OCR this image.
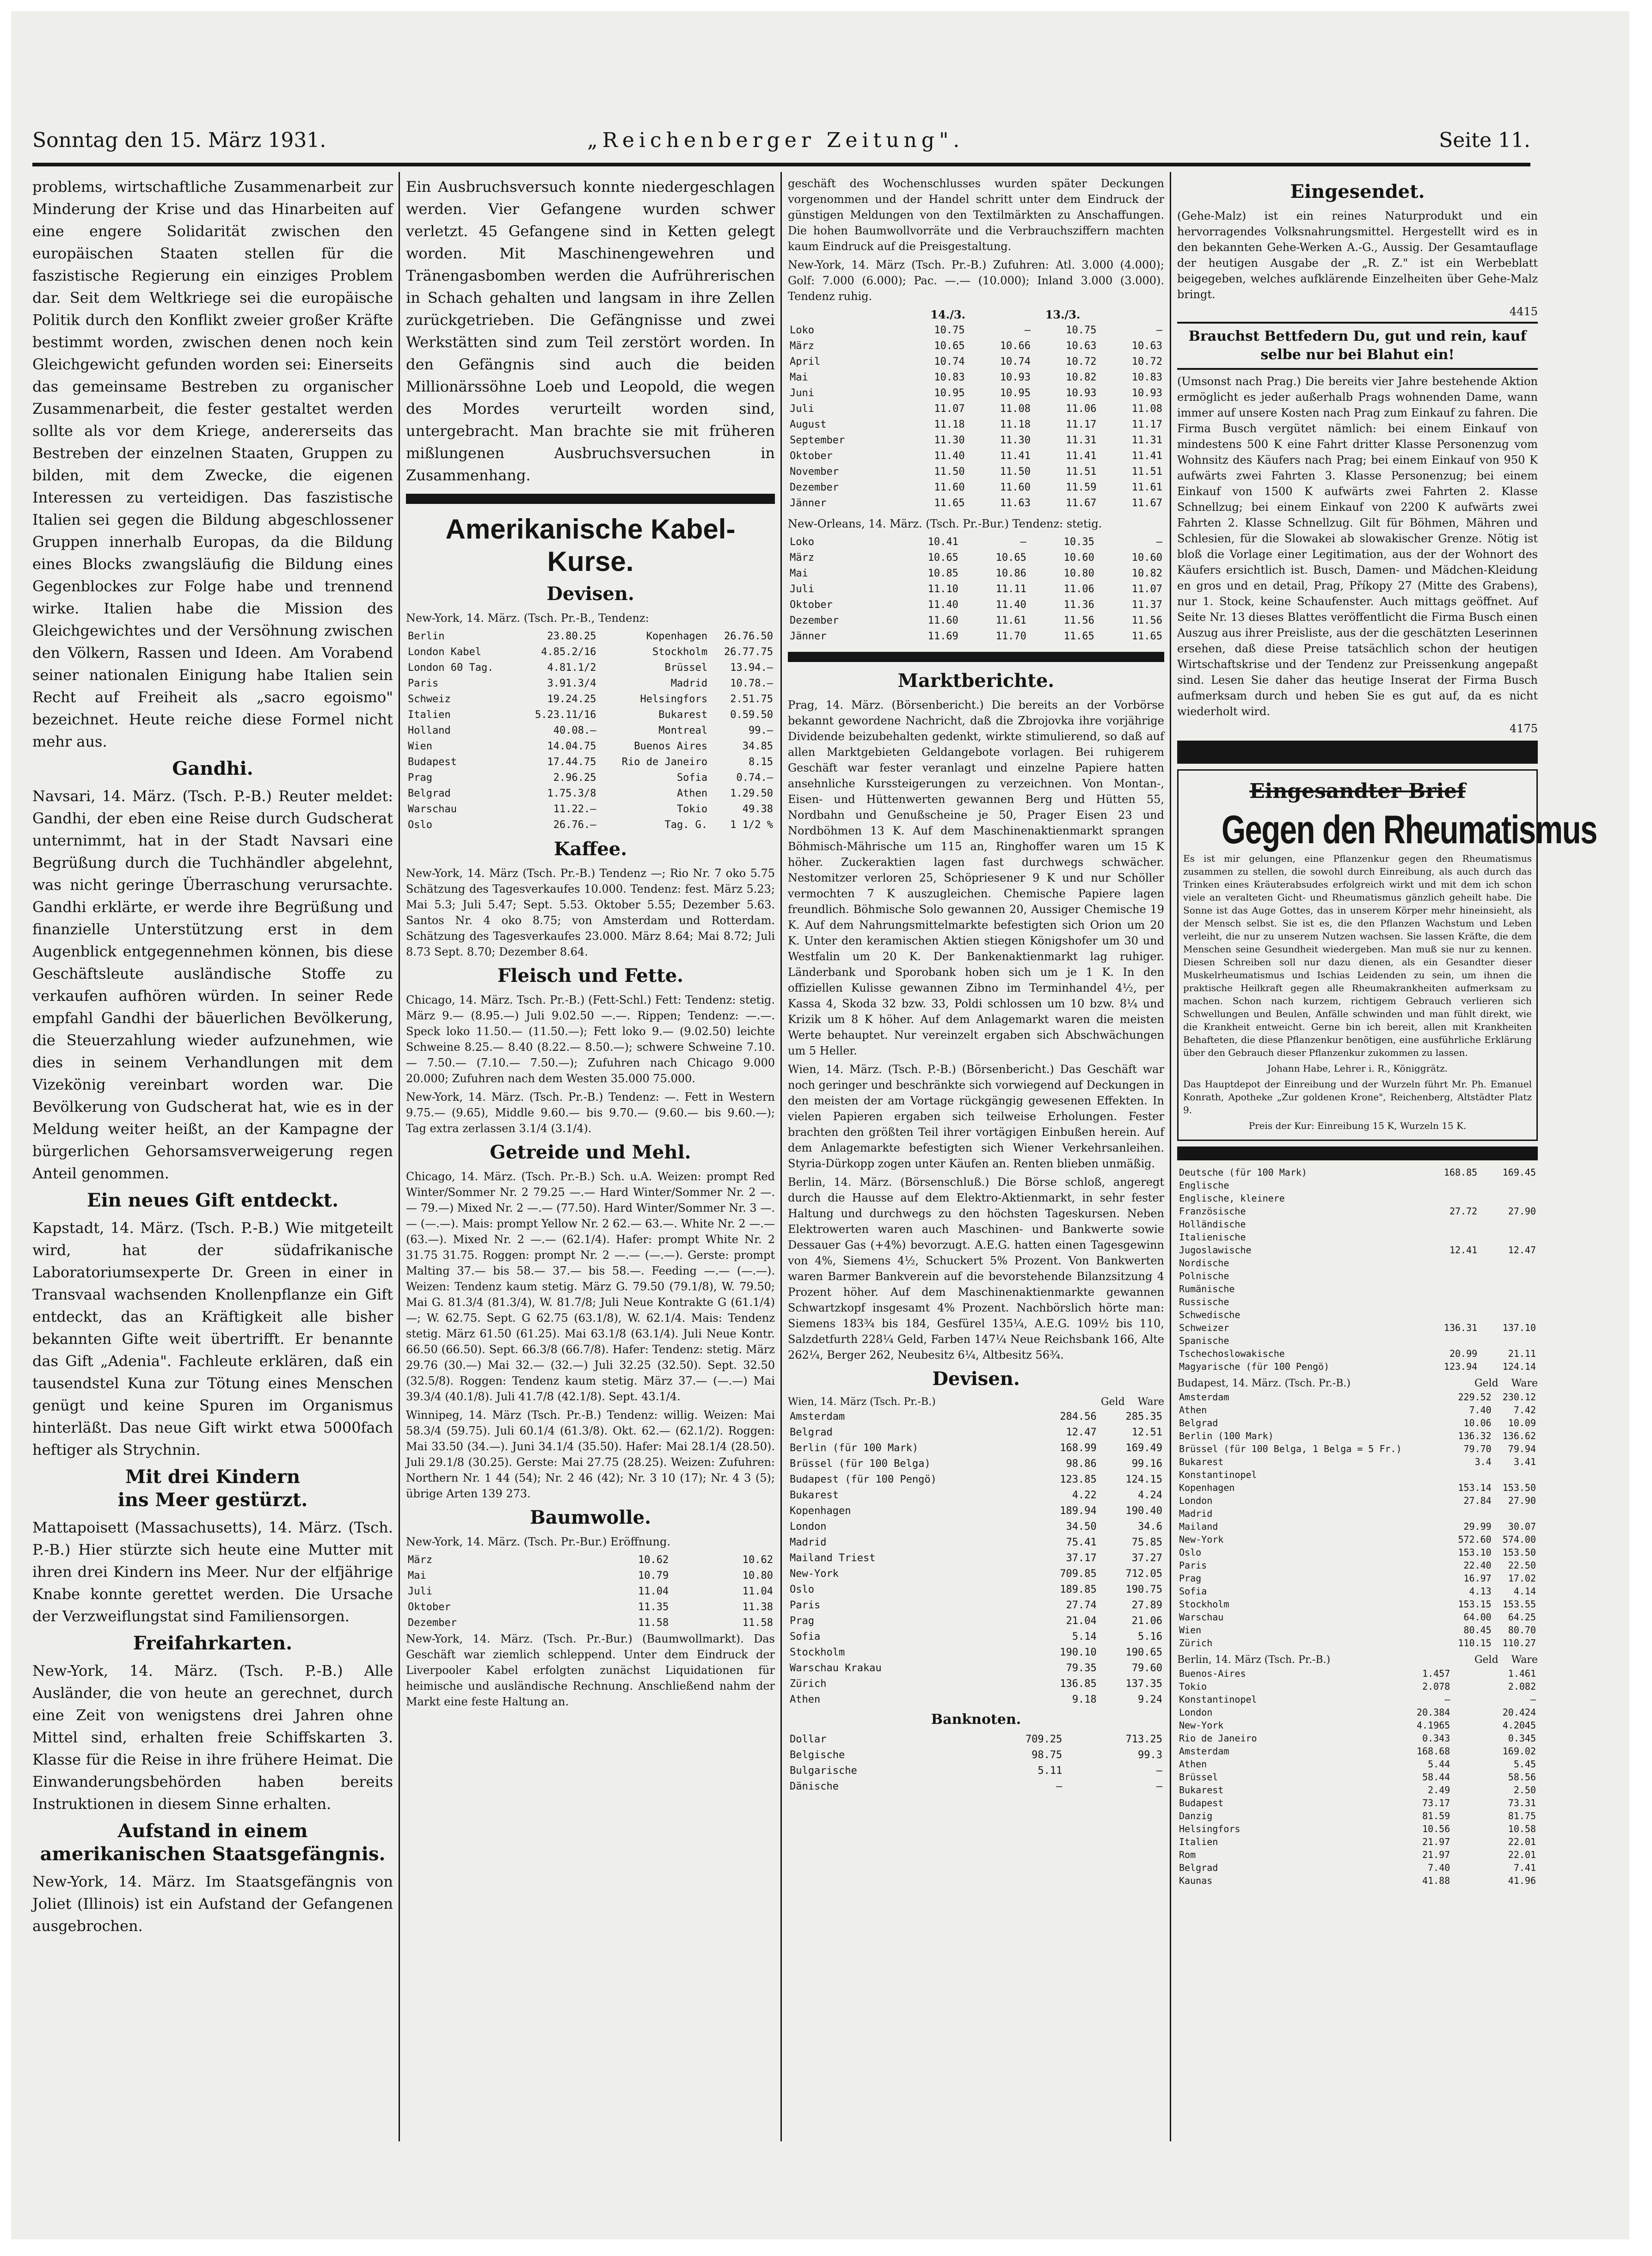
Sonntag den 15. März 1931.	„Reichenberger Zeitung".	Seite 11.

problems, wirtschaftliche Zusammenarbeit zur Minderung der Krise und das Hinarbeiten auf eine engere Solidarität zwischen den europäischen Staaten stellen für die faszistische Regierung ein einziges Problem dar. Seit dem Weltkriege sei die europäische Politik durch den Konflikt zweier großer Kräfte bestimmt worden, zwischen denen noch kein Gleichgewicht gefunden worden sei: Einerseits das gemeinsame Bestreben zu organischer Zusammenarbeit, die fester gestaltet werden sollte als vor dem Kriege, andererseits das Bestreben der einzelnen Staaten, Gruppen zu bilden, mit dem Zwecke, die eigenen Interessen zu verteidigen. Das faszistische Italien sei gegen die Bildung abgeschlossener Gruppen innerhalb Europas, da die Bildung eines Blocks zwangsläufig die Bildung eines Gegenblockes zur Folge habe und trennend wirke. Italien habe die Mission des Gleichgewichtes und der Versöhnung zwischen den Völkern, Rassen und Ideen. Am Vorabend seiner nationalen Einigung habe Italien sein Recht auf Freiheit als „sacro egoismo" bezeichnet. Heute reiche diese Formel nicht mehr aus.

Gandhi.

Navsari, 14. März. (Tsch. P.-B.) Reuter meldet: Gandhi, der eben eine Reise durch Gudscherat unternimmt, hat in der Stadt Navsari eine Begrüßung durch die Tuchhändler abgelehnt, was nicht geringe Überraschung verursachte. Gandhi erklärte, er werde ihre Begrüßung und finanzielle Unterstützung erst in dem Augenblick entgegennehmen können, bis diese Geschäftsleute ausländische Stoffe zu verkaufen aufhören würden. In seiner Rede empfahl Gandhi der bäuerlichen Bevölkerung, die Steuerzahlung wieder aufzunehmen, wie dies in seinem Verhandlungen mit dem Vizekönig vereinbart worden war. Die Bevölkerung von Gudscherat hat, wie es in der Meldung weiter heißt, an der Kampagne der bürgerlichen Gehorsamsverweigerung regen Anteil genommen.

Ein neues Gift entdeckt.

Kapstadt, 14. März. (Tsch. P.-B.) Wie mitgeteilt wird, hat der südafrikanische Laboratoriumsexperte Dr. Green in einer in Transvaal wachsenden Knollenpflanze ein Gift entdeckt, das an Kräftigkeit alle bisher bekannten Gifte weit übertrifft. Er benannte das Gift „Adenia". Fachleute erklären, daß ein tausendstel Kuna zur Tötung eines Menschen genügt und keine Spuren im Organismus hinterläßt. Das neue Gift wirkt etwa 5000fach heftiger als Strychnin.

Mit drei Kindern
ins Meer gestürzt.

Mattapoisett (Massachusetts), 14. März. (Tsch. P.-B.) Hier stürzte sich heute eine Mutter mit ihren drei Kindern ins Meer. Nur der elfjährige Knabe konnte gerettet werden. Die Ursache der Verzweiflungstat sind Familiensorgen.

Freifahrkarten.

New-York, 14. März. (Tsch. P.-B.) Alle Ausländer, die von heute an gerechnet, durch eine Zeit von wenigstens drei Jahren ohne Mittel sind, erhalten freie Schiffskarten 3. Klasse für die Reise in ihre frühere Heimat. Die Einwanderungsbehörden haben bereits Instruktionen in diesem Sinne erhalten.

Aufstand in einem amerikanischen Staatsgefängnis.

New-York, 14. März. Im Staatsgefängnis von Joliet (Illinois) ist ein Aufstand der Gefangenen ausgebrochen.

Ein Ausbruchsversuch konnte niedergeschlagen werden. Vier Gefangene wurden schwer verletzt. 45 Gefangene sind in Ketten gelegt worden. Mit Maschinengewehren und Tränengasbomben werden die Aufrührerischen in Schach gehalten und langsam in ihre Zellen zurückgetrieben. Die Gefängnisse und zwei Werkstätten sind zum Teil zerstört worden. In den Gefängnis sind auch die beiden Millionärssöhne Loeb und Leopold, die wegen des Mordes verurteilt worden sind, untergebracht. Man brachte sie mit früheren mißlungenen Ausbruchsversuchen in Zusammenhang.

Amerikanische Kabel-Kurse.
Devisen.
New-York, 14. März. (Tsch. Pr.-B., Tendenz:
Berlin	23.80.25	Kopenhagen	26.76.50
London Kabel	4.85.2/16	Stockholm	26.77.75
London 60 Tag.	4.81.1/2	Brüssel	13.94.—
Paris	3.91.3/4	Madrid	10.78.—
Schweiz	19.24.25	Helsingfors	2.51.75
Italien	5.23.11/16	Bukarest	0.59.50
Holland	40.08.—	Montreal	99.—
Wien	14.04.75	Buenos Aires	34.85
Budapest	17.44.75	Rio de Janeiro	8.15
Prag	2.96.25	Sofia	0.74.—
Belgrad	1.75.3/8	Athen	1.29.50
Warschau	11.22.—	Tokio	49.38
Oslo	26.76.—	Tag. G.	1 1/2 %
Kaffee.

New-York, 14. März (Tsch. Pr.-B.) Tendenz —; Rio Nr. 7 oko 5.75 Schätzung des Tagesverkaufes 10.000. Tendenz: fest. März 5.23; Mai 5.3; Juli 5.47; Sept. 5.53. Oktober 5.55; Dezember 5.63. Santos Nr. 4 oko 8.75; von Amsterdam und Rotterdam. Schätzung des Tagesverkaufes 23.000. März 8.64; Mai 8.72; Juli 8.73 Sept. 8.70; Dezember 8.64.

Fleisch und Fette.

Chicago, 14. März. Tsch. Pr.-B.) (Fett-Schl.) Fett: Tendenz: stetig. März 9.— (8.95.—) Juli 9.02.50 —.—. Rippen; Tendenz: —.—. Speck loko 11.50.— (11.50.—); Fett loko 9.— (9.02.50) leichte Schweine 8.25.— 8.40 (8.22.— 8.50.—); schwere Schweine 7.10.— 7.50.— (7.10.— 7.50.—); Zufuhren nach Chicago 9.000 20.000; Zufuhren nach dem Westen 35.000 75.000.

New-York, 14. März. (Tsch. Pr.-B.) Tendenz: —. Fett in Western 9.75.— (9.65), Middle 9.60.— bis 9.70.— (9.60.— bis 9.60.—); Tag extra zerlassen 3.1/4 (3.1/4).

Getreide und Mehl.

Chicago, 14. März. (Tsch. Pr.-B.) Sch. u.A. Weizen: prompt Red Winter/Sommer Nr. 2 79.25 —.— Hard Winter/Sommer Nr. 2 —.— 79.—) Mixed Nr. 2 —.— (77.50). Hard Winter/Sommer Nr. 3 —.— (—.—). Mais: prompt Yellow Nr. 2 62.— 63.—. White Nr. 2 —.— (63.—). Mixed Nr. 2 —.— (62.1/4). Hafer: prompt White Nr. 2 31.75 31.75. Roggen: prompt Nr. 2 —.— (—.—). Gerste: prompt Malting 37.— bis 58.— 37.— bis 58.—. Feeding —.— (—.—). Weizen: Tendenz kaum stetig. März G. 79.50 (79.1/8), W. 79.50; Mai G. 81.3/4 (81.3/4), W. 81.7/8; Juli Neue Kontrakte G (61.1/4) —; W. 62.75. Sept. G 62.75 (63.1/8), W. 62.1/4. Mais: Tendenz stetig. März 61.50 (61.25). Mai 63.1/8 (63.1/4). Juli Neue Kontr. 66.50 (66.50). Sept. 66.3/8 (66.7/8). Hafer: Tendenz: stetig. März 29.76 (30.—) Mai 32.— (32.—) Juli 32.25 (32.50). Sept. 32.50 (32.5/8). Roggen: Tendenz kaum stetig. März 37.— (—.—) Mai 39.3/4 (40.1/8). Juli 41.7/8 (42.1/8). Sept. 43.1/4.

Winnipeg, 14. März (Tsch. Pr.-B.) Tendenz: willig. Weizen: Mai 58.3/4 (59.75). Juli 60.1/4 (61.3/8). Okt. 62.— (62.1/2). Roggen: Mai 33.50 (34.—). Juni 34.1/4 (35.50). Hafer: Mai 28.1/4 (28.50). Juli 29.1/8 (30.25). Gerste: Mai 27.75 (28.25). Weizen: Zufuhren: Northern Nr. 1 44 (54); Nr. 2 46 (42); Nr. 3 10 (17); Nr. 4 3 (5); übrige Arten 139 273.

Baumwolle.
New-York, 14. März. (Tsch. Pr.-Bur.) Eröffnung.
März	10.62	10.62
Mai	10.79	10.80
Juli	11.04	11.04
Oktober	11.35	11.38
Dezember	11.58	11.58

New-York, 14. März. (Tsch. Pr.-Bur.) (Baumwollmarkt). Das Geschäft war ziemlich schleppend. Unter dem Eindruck der Liverpooler Kabel erfolgten zunächst Liquidationen für heimische und ausländische Rechnung. Anschließend nahm der Markt eine feste Haltung an.

geschäft des Wochenschlusses wurden später Deckungen vorgenommen und der Handel schritt unter dem Eindruck der günstigen Meldungen von den Textilmärkten zu Anschaffungen. Die hohen Baumwollvorräte und die Verbrauchsziffern machten kaum Eindruck auf die Preisgestaltung.

New-York, 14. März (Tsch. Pr.-B.) Zufuhren: Atl. 3.000 (4.000); Golf: 7.000 (6.000); Pac. —.— (10.000); Inland 3.000 (3.000). Tendenz ruhig.

14./3.	13./3.
Loko	10.75	—	10.75	—
März	10.65	10.66	10.63	10.63
April	10.74	10.74	10.72	10.72
Mai	10.83	10.93	10.82	10.83
Juni	10.95	10.95	10.93	10.93
Juli	11.07	11.08	11.06	11.08
August	11.18	11.18	11.17	11.17
September	11.30	11.30	11.31	11.31
Oktober	11.40	11.41	11.41	11.41
November	11.50	11.50	11.51	11.51
Dezember	11.60	11.60	11.59	11.61
Jänner	11.65	11.63	11.67	11.67

New-Orleans, 14. März. (Tsch. Pr.-Bur.) Tendenz: stetig.

Loko	10.41	—	10.35	—
März	10.65	10.65	10.60	10.60
Mai	10.85	10.86	10.80	10.82
Juli	11.10	11.11	11.06	11.07
Oktober	11.40	11.40	11.36	11.37
Dezember	11.60	11.61	11.56	11.56
Jänner	11.69	11.70	11.65	11.65
Marktberichte.

Prag, 14. März. (Börsenbericht.) Die bereits an der Vorbörse bekannt gewordene Nachricht, daß die Zbrojovka ihre vorjährige Dividende beizubehalten gedenkt, wirkte stimulierend, so daß auf allen Marktgebieten Geldangebote vorlagen. Bei ruhigerem Geschäft war fester veranlagt und einzelne Papiere hatten ansehnliche Kurssteigerungen zu verzeichnen. Von Montan-, Eisen- und Hüttenwerten gewannen Berg und Hütten 55, Nordbahn und Genußscheine je 50, Prager Eisen 23 und Nordböhmen 13 K. Auf dem Maschinenaktienmarkt sprangen Böhmisch-Mährische um 115 an, Ringhoffer waren um 15 K höher. Zuckeraktien lagen fast durchwegs schwächer. Nestomitzer verloren 25, Schöpriesener 9 K und nur Schöller vermochten 7 K auszugleichen. Chemische Papiere lagen freundlich. Böhmische Solo gewannen 20, Aussiger Chemische 19 K. Auf dem Nahrungsmittelmarkte befestigten sich Orion um 20 K. Unter den keramischen Aktien stiegen Königshofer um 30 und Westfalin um 20 K. Der Bankenaktienmarkt lag ruhiger. Länderbank und Sporobank hoben sich um je 1 K. In den offiziellen Kulisse gewannen Zibno im Terminhandel 4½, per Kassa 4, Skoda 32 bzw. 33, Poldi schlossen um 10 bzw. 8¼ und Krizik um 8 K höher. Auf dem Anlagemarkt waren die meisten Werte behauptet. Nur vereinzelt ergaben sich Abschwächungen um 5 Heller.

Wien, 14. März. (Tsch. P.-B.) (Börsenbericht.) Das Geschäft war noch geringer und beschränkte sich vorwiegend auf Deckungen in den meisten der am Vortage rückgängig gewesenen Effekten. In vielen Papieren ergaben sich teilweise Erholungen. Fester brachten den größten Teil ihrer vortägigen Einbußen herein. Auf dem Anlagemarkte befestigten sich Wiener Verkehrsanleihen. Styria-Dürkopp zogen unter Käufen an. Renten blieben unmäßig.

Berlin, 14. März. (Börsenschluß.) Die Börse schloß, angeregt durch die Hausse auf dem Elektro-Aktienmarkt, in sehr fester Haltung und durchwegs zu den höchsten Tageskursen. Neben Elektrowerten waren auch Maschinen- und Bankwerte sowie Dessauer Gas (+4%) bevorzugt. A.E.G. hatten einen Tagesgewinn von 4%, Siemens 4½, Schuckert 5% Prozent. Von Bankwerten waren Barmer Bankverein auf die bevorstehende Bilanzsitzung 4 Prozent höher. Auf dem Maschinenaktienmarkte gewannen Schwartzkopf insgesamt 4% Prozent. Nachbörslich hörte man: Siemens 183¾ bis 184, Gesfürel 135¼, A.E.G. 109½ bis 110, Salzdetfurth 228¼ Geld, Farben 147¼ Neue Reichsbank 166, Alte 262¼, Berger 262, Neubesitz 6¼, Altbesitz 56¾.

Devisen.
Wien, 14. März (Tsch. Pr.-B.)	Geld Ware
Amsterdam	284.56	285.35
Belgrad	12.47	12.51
Berlin (für 100 Mark)	168.99	169.49
Brüssel (für 100 Belga)	98.86	99.16
Budapest (für 100 Pengö)	123.85	124.15
Bukarest	4.22	4.24
Kopenhagen	189.94	190.40
London	34.50	34.6
Madrid	75.41	75.85
Mailand Triest	37.17	37.27
New-York	709.85	712.05
Oslo	189.85	190.75
Paris	27.74	27.89
Prag	21.04	21.06
Sofia	5.14	5.16
Stockholm	190.10	190.65
Warschau Krakau	79.35	79.60
Zürich	136.85	137.35
Athen	9.18	9.24
Banknoten.
Dollar	709.25	713.25
Belgische	98.75	99.3
Bulgarische	5.11	—
Dänische	—	—
Eingesendet.

(Gehe-Malz) ist ein reines Naturprodukt und ein hervorragendes Volksnahrungsmittel. Hergestellt wird es in den bekannten Gehe-Werken A.-G., Aussig. Der Gesamtauflage der heutigen Ausgabe der „R. Z." ist ein Werbeblatt beigegeben, welches aufklärende Einzelheiten über Gehe-Malz bringt.

4415
Brauchst Bettfedern Du, gut und rein, kauf selbe nur bei Blahut ein!

(Umsonst nach Prag.) Die bereits vier Jahre bestehende Aktion ermöglicht es jeder außerhalb Prags wohnenden Dame, wann immer auf unsere Kosten nach Prag zum Einkauf zu fahren. Die Firma Busch vergütet nämlich: bei einem Einkauf von mindestens 500 K eine Fahrt dritter Klasse Personenzug vom Wohnsitz des Käufers nach Prag; bei einem Einkauf von 950 K aufwärts zwei Fahrten 3. Klasse Personenzug; bei einem Einkauf von 1500 K aufwärts zwei Fahrten 2. Klasse Schnellzug; bei einem Einkauf von 2200 K aufwärts zwei Fahrten 2. Klasse Schnellzug. Gilt für Böhmen, Mähren und Schlesien, für die Slowakei ab slowakischer Grenze. Nötig ist bloß die Vorlage einer Legitimation, aus der der Wohnort des Käufers ersichtlich ist. Busch, Damen- und Mädchen-Kleidung en gros und en detail, Prag, Příkopy 27 (Mitte des Grabens), nur 1. Stock, keine Schaufenster. Auch mittags geöffnet. Auf Seite Nr. 13 dieses Blattes veröffentlicht die Firma Busch einen Auszug aus ihrer Preisliste, aus der die geschätzten Leserinnen ersehen, daß diese Preise tatsächlich schon der heutigen Wirtschaftskrise und der Tendenz zur Preissenkung angepaßt sind. Lesen Sie daher das heutige Inserat der Firma Busch aufmerksam durch und heben Sie es gut auf, da es nicht wiederholt wird.

4175
Eingesandter Brief
Gegen den Rheumatismus

Es ist mir gelungen, eine Pflanzenkur gegen den Rheumatismus zusammen zu stellen, die sowohl durch Einreibung, als auch durch das Trinken eines Kräuterabsudes erfolgreich wirkt und mit dem ich schon viele an veralteten Gicht- und Rheumatismus gänzlich geheilt habe. Die Sonne ist das Auge Gottes, das in unserem Körper mehr hineinsieht, als der Mensch selbst. Sie ist es, die den Pflanzen Wachstum und Leben verleiht, die nur zu unserem Nutzen wachsen. Sie lassen Kräfte, die dem Menschen seine Gesundheit wiedergeben. Man muß sie nur zu kennen. Diesen Schreiben soll nur dazu dienen, als ein Gesandter dieser Muskelrheumatismus und Ischias Leidenden zu sein, um ihnen die praktische Heilkraft gegen alle Rheumakrankheiten aufmerksam zu machen. Schon nach kurzem, richtigem Gebrauch verlieren sich Schwellungen und Beulen, Anfälle schwinden und man fühlt direkt, wie die Krankheit entweicht. Gerne bin ich bereit, allen mit Krankheiten Behafteten, die diese Pflanzenkur benötigen, eine ausführliche Erklärung über den Gebrauch dieser Pflanzenkur zukommen zu lassen.

Johann Habe, Lehrer i. R., Königgrätz.

Das Hauptdepot der Einreibung und der Wurzeln führt Mr. Ph. Emanuel Konrath, Apotheke „Zur goldenen Krone", Reichenberg, Altstädter Platz 9.

Preis der Kur: Einreibung 15 K, Wurzeln 15 K.

Deutsche (für 100 Mark)	168.85	169.45
Englische		
Englische, kleinere		
Französische	27.72	27.90
Holländische		
Italienische		
Jugoslawische	12.41	12.47
Nordische		
Polnische		
Rumänische		
Russische		
Schwedische		
Schweizer	136.31	137.10
Spanische		
Tschechoslowakische	20.99	21.11
Magyarische (für 100 Pengö)	123.94	124.14
Budapest, 14. März. (Tsch. Pr.-B.)	Geld Ware
Amsterdam	229.52	230.12
Athen	7.40	7.42
Belgrad	10.06	10.09
Berlin (100 Mark)	136.32	136.62
Brüssel (für 100 Belga, 1 Belga = 5 Fr.)	79.70	79.94
Bukarest	3.4	3.41
Konstantinopel		
Kopenhagen	153.14	153.50
London	27.84	27.90
Madrid		
Mailand	29.99	30.07
New-York	572.60	574.00
Oslo	153.10	153.50
Paris	22.40	22.50
Prag	16.97	17.02
Sofia	4.13	4.14
Stockholm	153.15	153.55
Warschau	64.00	64.25
Wien	80.45	80.70
Zürich	110.15	110.27
Berlin, 14. März (Tsch. Pr.-B.)	Geld Ware
Buenos-Aires	1.457	1.461
Tokio	2.078	2.082
Konstantinopel	—	—
London	20.384	20.424
New-York	4.1965	4.2045
Rio de Janeiro	0.343	0.345
Amsterdam	168.68	169.02
Athen	5.44	5.45
Brüssel	58.44	58.56
Bukarest	2.49	2.50
Budapest	73.17	73.31
Danzig	81.59	81.75
Helsingfors	10.56	10.58
Italien	21.97	22.01
Rom	21.97	22.01
Belgrad	7.40	7.41
Kaunas	41.88	41.96
